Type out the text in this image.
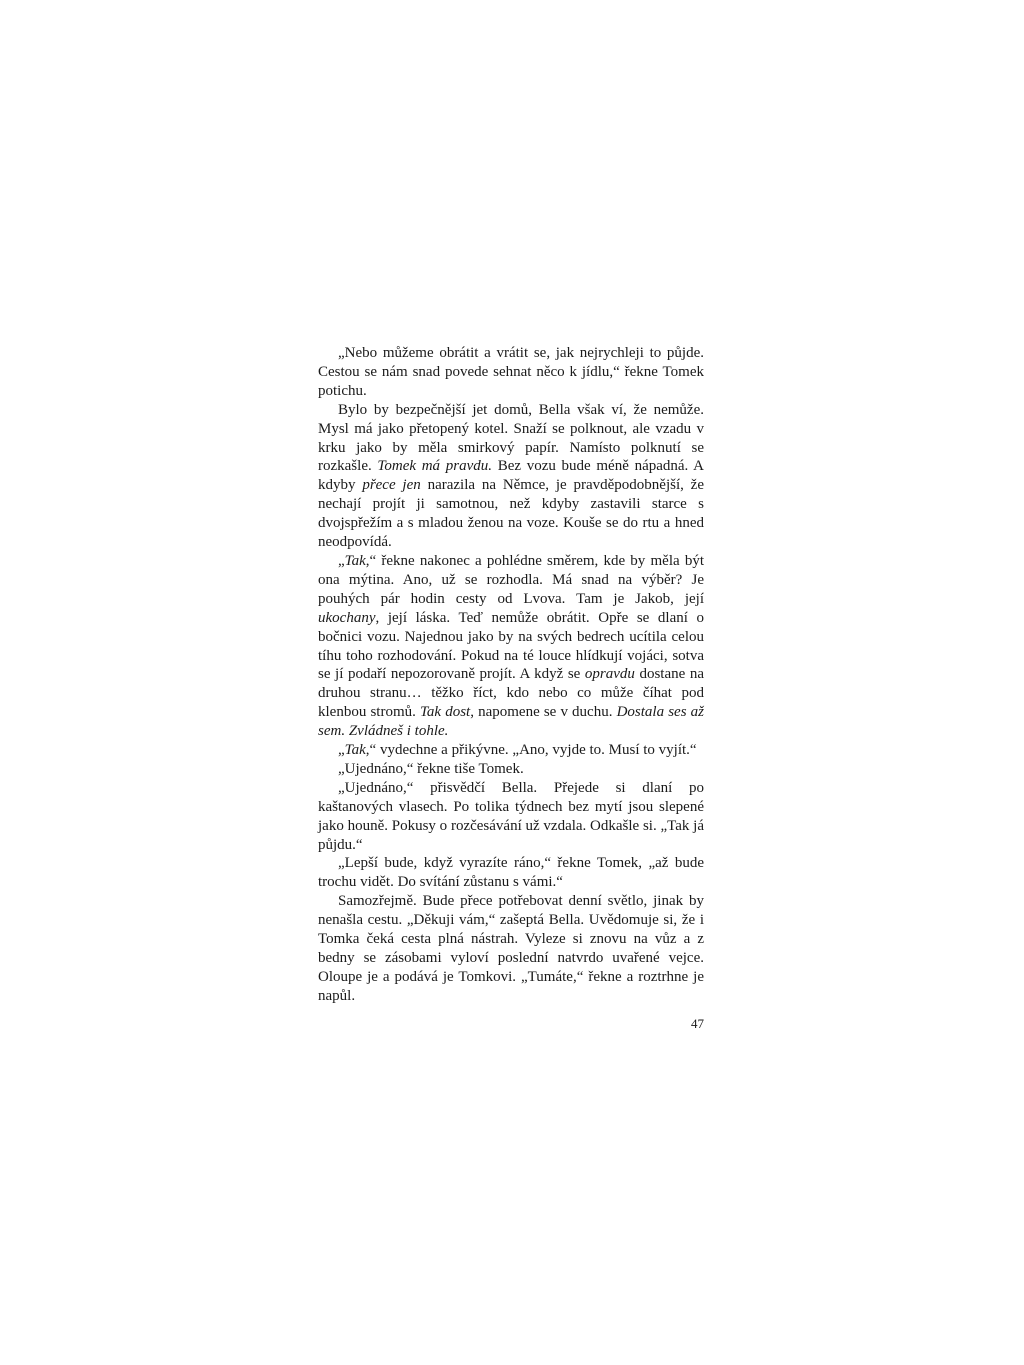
„Nebo můžeme obrátit a vrátit se, jak nejrychleji to půjde. Cestou se nám snad povede sehnat něco k jídlu,“ řekne Tomek potichu.

Bylo by bezpečnější jet domů, Bella však ví, že nemůže. Mysl má jako přetopený kotel. Snaží se polknout, ale vzadu v krku jako by měla smirkový papír. Namísto polknutí se rozkašle. Tomek má pravdu. Bez vozu bude méně nápadná. A kdyby přece jen narazila na Němce, je pravděpodobnější, že nechají projít ji samotnou, než kdyby zastavili starce s dvojspřežím a s mladou ženou na voze. Kouše se do rtu a hned neodpovídá.

„Tak,“ řekne nakonec a pohlédne směrem, kde by měla být ona mýtina. Ano, už se rozhodla. Má snad na výběr? Je pouhých pár hodin cesty od Lvova. Tam je Jakob, její ukochany, její láska. Teď nemůže obrátit. Opře se dlaní o bočnici vozu. Najednou jako by na svých bedrech ucítila celou tíhu toho rozhodování. Pokud na té louce hlídkují vojáci, sotva se jí podaří nepozorovaně projít. A když se opravdu dostane na druhou stranu… těžko říct, kdo nebo co může číhat pod klenbou stromů. Tak dost, napomene se v duchu. Dostala ses až sem. Zvládneš i tohle.

„Tak,“ vydechne a přikývne. „Ano, vyjde to. Musí to vyjít.“

„Ujednáno,“ řekne tiše Tomek.

„Ujednáno,“ přisvědčí Bella. Přejede si dlaní po kaštanových vlasech. Po tolika týdnech bez mytí jsou slepené jako houně. Pokusy o rozčesávání už vzdala. Odkašle si. „Tak já půjdu.“

„Lepší bude, když vyrazíte ráno,“ řekne Tomek, „až bude trochu vidět. Do svítání zůstanu s vámi.“

Samozřejmě. Bude přece potřebovat denní světlo, jinak by nenašla cestu. „Děkuji vám,“ zašeptá Bella. Uvědomuje si, že i Tomka čeká cesta plná nástrah. Vyleze si znovu na vůz a z bedny se zásobami vyloví poslední natvrdo uvařené vejce. Oloupe je a podává je Tomkovi. „Tumáte,“ řekne a roztrhne je napůl.

47
